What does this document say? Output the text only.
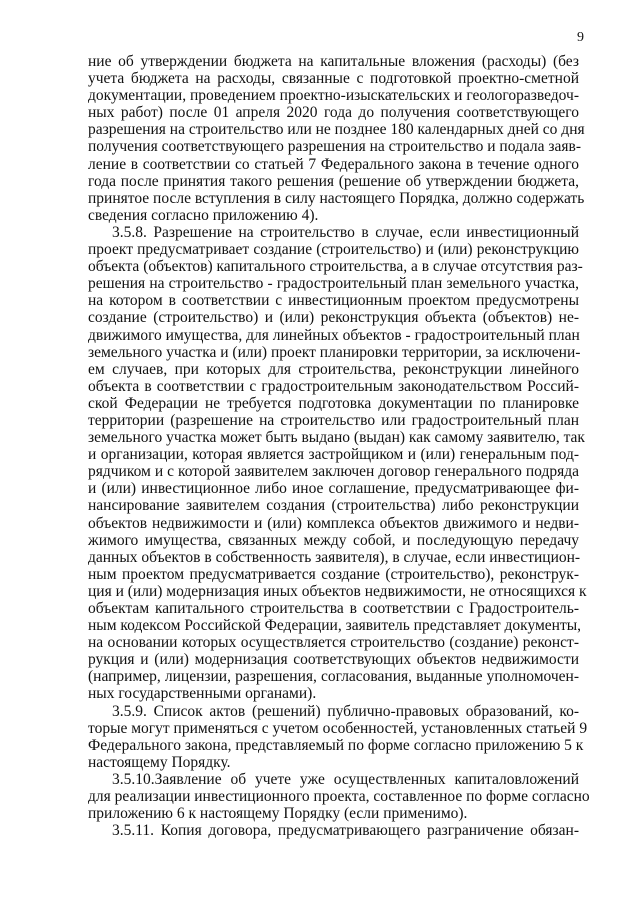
9
ние об утверждении бюджета на капитальные вложения (расходы) (без
учета бюджета на расходы, связанные с подготовкой проектно-сметной
документации, проведением проектно-изыскательских и геологоразведоч-
ных работ) после 01 апреля 2020 года до получения соответствующего
разрешения на строительство или не позднее 180 календарных дней со дня
получения соответствующего разрешения на строительство и подала заяв-
ление в соответствии со статьей 7 Федерального закона в течение одного
года после принятия такого решения (решение об утверждении бюджета,
принятое после вступления в силу настоящего Порядка, должно содержать
сведения согласно приложению 4).
3.5.8. Разрешение на строительство в случае, если инвестиционный
проект предусматривает создание (строительство) и (или) реконструкцию
объекта (объектов) капитального строительства, а в случае отсутствия раз-
решения на строительство - градостроительный план земельного участка,
на котором в соответствии с инвестиционным проектом предусмотрены
создание (строительство) и (или) реконструкция объекта (объектов) не-
движимого имущества, для линейных объектов - градостроительный план
земельного участка и (или) проект планировки территории, за исключени-
ем случаев, при которых для строительства, реконструкции линейного
объекта в соответствии с градостроительным законодательством Россий-
ской Федерации не требуется подготовка документации по планировке
территории (разрешение на строительство или градостроительный план
земельного участка может быть выдано (выдан) как самому заявителю, так
и организации, которая является застройщиком и (или) генеральным под-
рядчиком и с которой заявителем заключен договор генерального подряда
и (или) инвестиционное либо иное соглашение, предусматривающее фи-
нансирование заявителем создания (строительства) либо реконструкции
объектов недвижимости и (или) комплекса объектов движимого и недви-
жимого имущества, связанных между собой, и последующую передачу
данных объектов в собственность заявителя), в случае, если инвестицион-
ным проектом предусматривается создание (строительство), реконструк-
ция и (или) модернизация иных объектов недвижимости, не относящихся к
объектам капитального строительства в соответствии с Градостроитель-
ным кодексом Российской Федерации, заявитель представляет документы,
на основании которых осуществляется строительство (создание) реконст-
рукция и (или) модернизация соответствующих объектов недвижимости
(например, лицензии, разрешения, согласования, выданные уполномочен-
ных государственными органами).
3.5.9. Список актов (решений) публично-правовых образований, ко-
торые могут применяться с учетом особенностей, установленных статьей 9
Федерального закона, представляемый по форме согласно приложению 5 к
настоящему Порядку.
3.5.10.Заявление об учете уже осуществленных капиталовложений
для реализации инвестиционного проекта, составленное по форме согласно
приложению 6 к настоящему Порядку (если применимо).
3.5.11. Копия договора, предусматривающего разграничение обязан-
